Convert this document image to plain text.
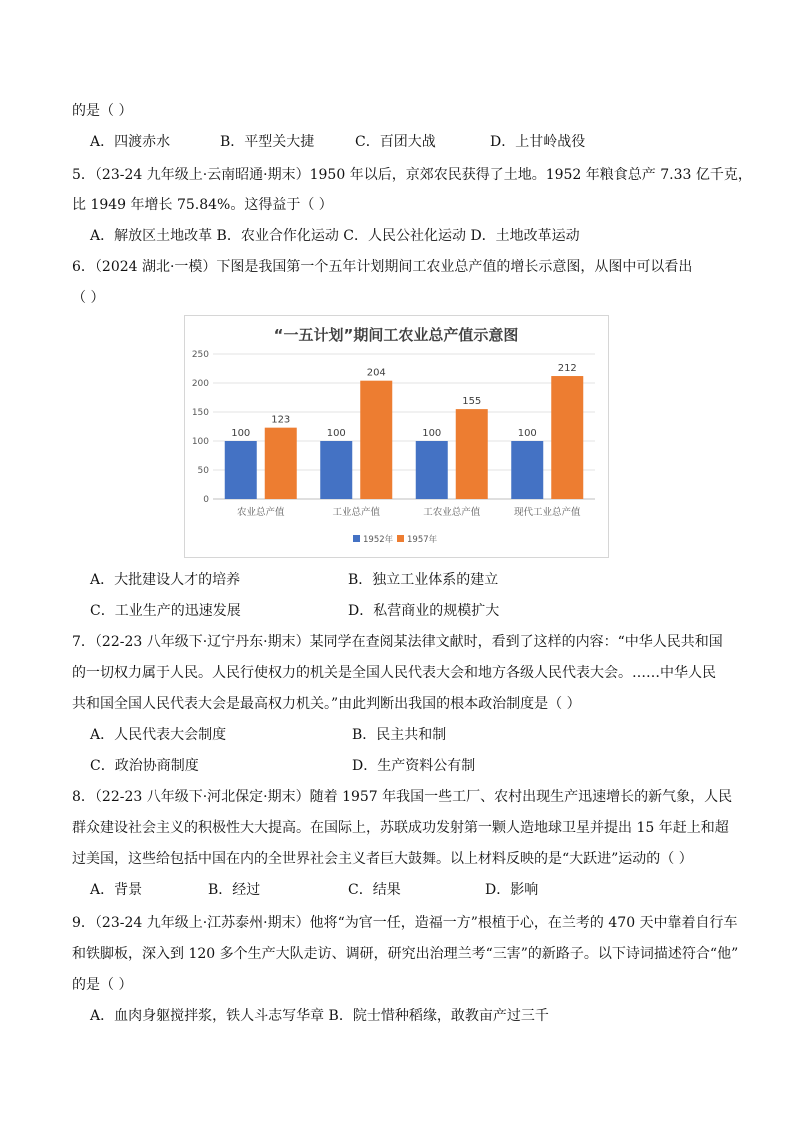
的是（ ）
A．四渡赤水	B．平型关大捷	C．百团大战	D．上甘岭战役
5．（23-24 九年级上·云南昭通·期末）1950 年以后，京郊农民获得了土地。1952 年粮食总产 7.33 亿千克，
比 1949 年增长 75.84%。这得益于（ ）
A．解放区土地改革 B．农业合作化运动 C．人民公社化运动 D．土地改革运动
6．（2024 湖北·一模）下图是我国第一个五年计划期间工农业总产值的增长示意图，从图中可以看出
（ ）
“一五计划”期间工农业总产值示意图
0
50
100
150
200
250
100
123
农业总产值
100
204
工业总产值
100
155
工农业总产值
100
212
现代工业总产值
1952年 1957年
A．大批建设人才的培养	B．独立工业体系的建立
C．工业生产的迅速发展	D．私营商业的规模扩大
7．（22-23 八年级下·辽宁丹东·期末）某同学在查阅某法律文献时，看到了这样的内容：“中华人民共和国
的一切权力属于人民。人民行使权力的机关是全国人民代表大会和地方各级人民代表大会。……中华人民
共和国全国人民代表大会是最高权力机关。”由此判断出我国的根本政治制度是（ ）
A．人民代表大会制度	B．民主共和制
C．政治协商制度	D．生产资料公有制
8．（22-23 八年级下·河北保定·期末）随着 1957 年我国一些工厂、农村出现生产迅速增长的新气象，人民
群众建设社会主义的积极性大大提高。在国际上，苏联成功发射第一颗人造地球卫星并提出 15 年赶上和超
过美国，这些给包括中国在内的全世界社会主义者巨大鼓舞。以上材料反映的是“大跃进”运动的（ ）
A．背景	B．经过	C．结果	D．影响
9．（23-24 九年级上·江苏泰州·期末）他将“为官一任，造福一方”根植于心，在兰考的 470 天中靠着自行车
和铁脚板，深入到 120 多个生产大队走访、调研，研究出治理兰考“三害”的新路子。以下诗词描述符合“他”
的是（ ）
A．血肉身躯搅拌浆，铁人斗志写华章 B．院士惜种稻缘，敢教亩产过三千
